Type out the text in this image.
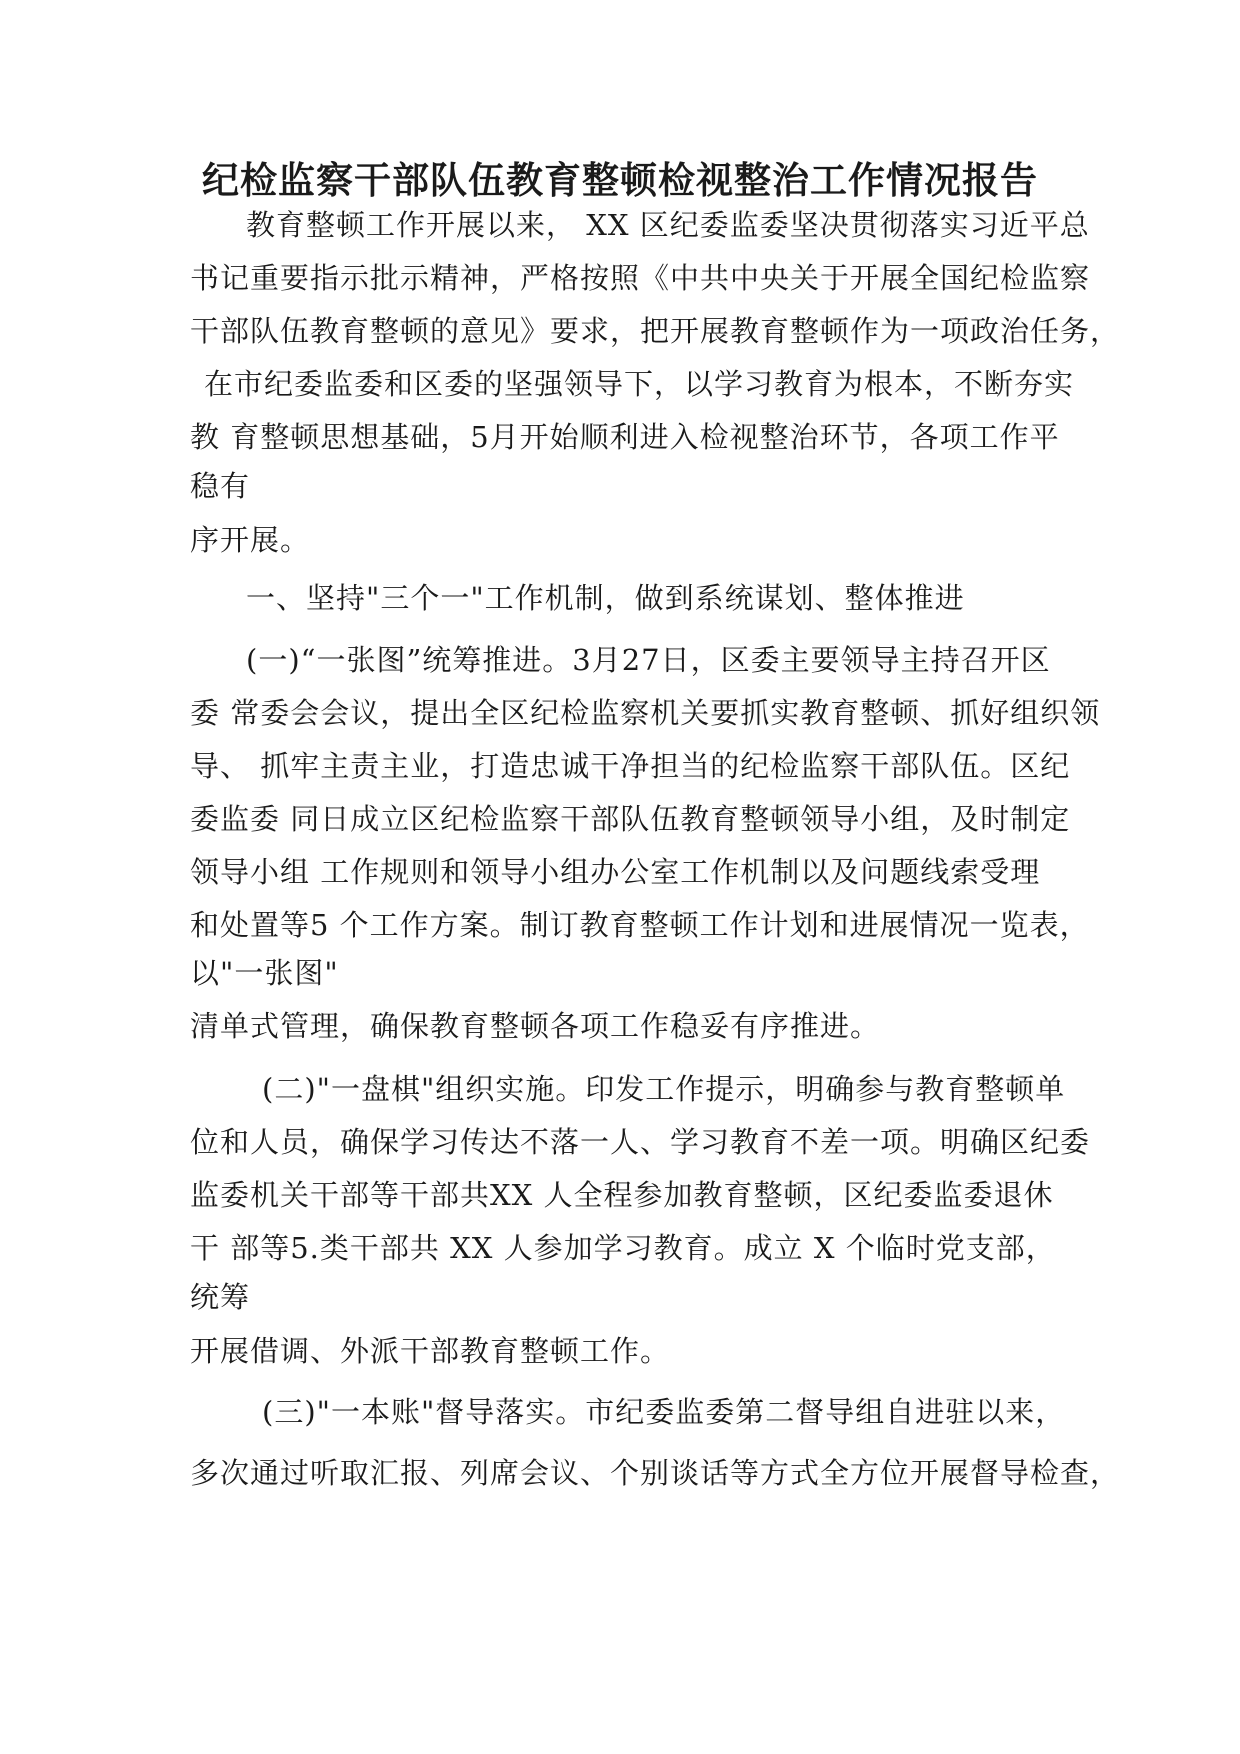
纪检监察干部队伍教育整顿检视整治工作情况报告
教育整顿工作开展以来， XX 区纪委监委坚决贯彻落实习近平总
书记重要指示批示精神，严格按照《中共中央关于开展全国纪检监察
干部队伍教育整顿的意见》要求，把开展教育整顿作为一项政治任务，
在市纪委监委和区委的坚强领导下，以学习教育为根本，不断夯实
教 育整顿思想基础，5月开始顺利进入检视整治环节，各项工作平
稳有
序开展。
一、坚持"三个一"工作机制，做到系统谋划、整体推进
(一)“一张图”统筹推进。3月27日，区委主要领导主持召开区
委 常委会会议，提出全区纪检监察机关要抓实教育整顿、抓好组织领
导、 抓牢主责主业，打造忠诚干净担当的纪检监察干部队伍。区纪
委监委 同日成立区纪检监察干部队伍教育整顿领导小组，及时制定
领导小组 工作规则和领导小组办公室工作机制以及问题线索受理
和处置等5 个工作方案。制订教育整顿工作计划和进展情况一览表，
以"一张图"
清单式管理，确保教育整顿各项工作稳妥有序推进。
(二)"一盘棋"组织实施。印发工作提示，明确参与教育整顿单
位和人员，确保学习传达不落一人、学习教育不差一项。明确区纪委
监委机关干部等干部共XX 人全程参加教育整顿，区纪委监委退休
干 部等5.类干部共 XX 人参加学习教育。成立 X 个临时党支部，
统筹
开展借调、外派干部教育整顿工作。
(三)"一本账"督导落实。市纪委监委第二督导组自进驻以来，
多次通过听取汇报、列席会议、个别谈话等方式全方位开展督导检查，
